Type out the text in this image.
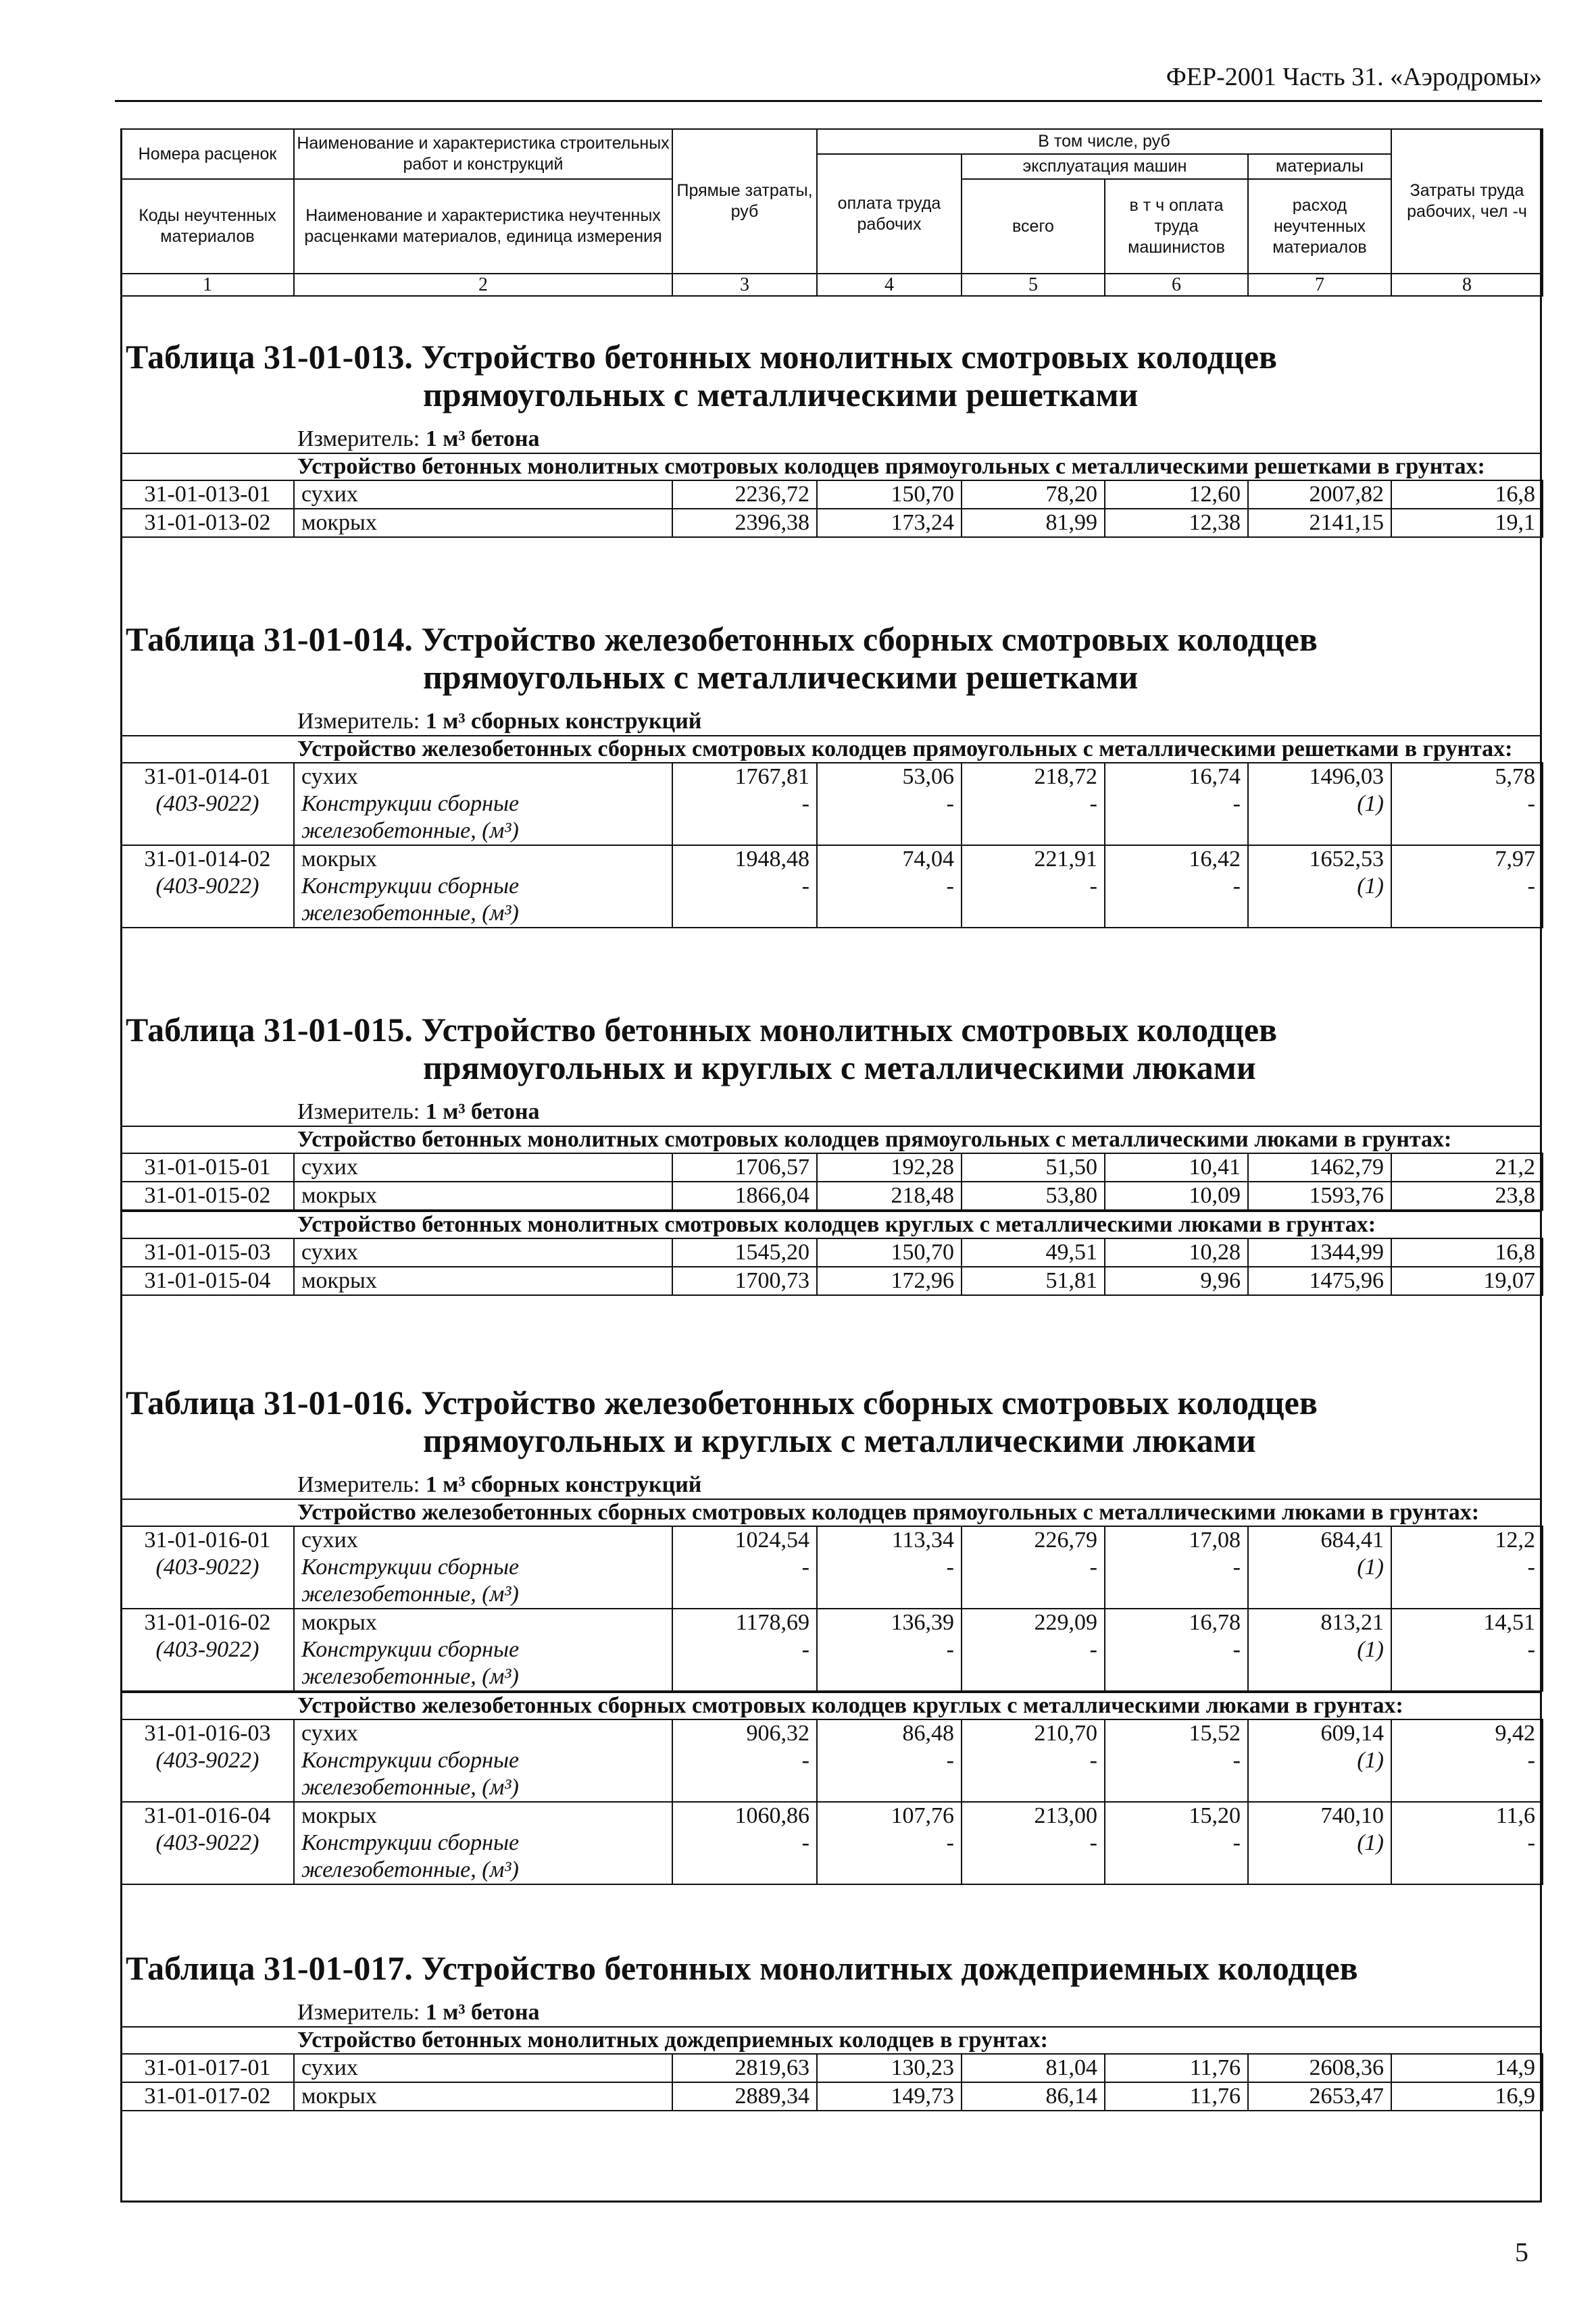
ФЕР-2001 Часть 31. «Аэродромы»
Номера расценок	Наименование и характеристика строительных работ и конструкций	Прямые затраты, руб	В том числе, руб				Затраты труда рабочих, чел -ч
			оплата труда рабочих	эксплуатация машин		материалы	
Коды неучтенных материалов	Наименование и характеристика неучтенных расценками материалов, единица измерения			всего	в т ч оплата труда машинистов	расход неучтенных материалов	

1	2	3	4	5	6	7	8
Таблица 31-01-013. Устройство бетонных монолитных смотровых колодцев
прямоугольных с металлическими решетками
Измеритель: 1 м³ бетона
Устройство бетонных монолитных смотровых колодцев прямоугольных с металлическими решетками в грунтах:
31-01-013-01	сухих	2236,72	150,70	78,20	12,60	2007,82	16,8
31-01-013-02	мокрых	2396,38	173,24	81,99	12,38	2141,15	19,1
Таблица 31-01-014. Устройство железобетонных сборных смотровых колодцев
прямоугольных с металлическими решетками
Измеритель: 1 м³ сборных конструкций
Устройство железобетонных сборных смотровых колодцев прямоугольных с металлическими решетками в грунтах:
31-01-014-01	сухих	1767,81	53,06	218,72	16,74	1496,03	5,78
(403-9022)	Конструкции сборные железобетонные, (м³)	-	-	-	-	(1)	-
31-01-014-02	мокрых	1948,48	74,04	221,91	16,42	1652,53	7,97
(403-9022)	Конструкции сборные железобетонные, (м³)	-	-	-	-	(1)	-
Таблица 31-01-015. Устройство бетонных монолитных смотровых колодцев
прямоугольных и круглых с металлическими люками
Измеритель: 1 м³ бетона
Устройство бетонных монолитных смотровых колодцев прямоугольных с металлическими люками в грунтах:
31-01-015-01	сухих	1706,57	192,28	51,50	10,41	1462,79	21,2
31-01-015-02	мокрых	1866,04	218,48	53,80	10,09	1593,76	23,8
Устройство бетонных монолитных смотровых колодцев круглых с металлическими люками в грунтах:
31-01-015-03	сухих	1545,20	150,70	49,51	10,28	1344,99	16,8
31-01-015-04	мокрых	1700,73	172,96	51,81	9,96	1475,96	19,07
Таблица 31-01-016. Устройство железобетонных сборных смотровых колодцев
прямоугольных и круглых с металлическими люками
Измеритель: 1 м³ сборных конструкций
Устройство железобетонных сборных смотровых колодцев прямоугольных с металлическими люками в грунтах:
31-01-016-01	сухих	1024,54	113,34	226,79	17,08	684,41	12,2
(403-9022)	Конструкции сборные железобетонные, (м³)	-	-	-	-	(1)	-
31-01-016-02	мокрых	1178,69	136,39	229,09	16,78	813,21	14,51
(403-9022)	Конструкции сборные железобетонные, (м³)	-	-	-	-	(1)	-
Устройство железобетонных сборных смотровых колодцев круглых с металлическими люками в грунтах:
31-01-016-03	сухих	906,32	86,48	210,70	15,52	609,14	9,42
(403-9022)	Конструкции сборные железобетонные, (м³)	-	-	-	-	(1)	-
31-01-016-04	мокрых	1060,86	107,76	213,00	15,20	740,10	11,6
(403-9022)	Конструкции сборные железобетонные, (м³)	-	-	-	-	(1)	-
Таблица 31-01-017. Устройство бетонных монолитных дождеприемных колодцев
Измеритель: 1 м³ бетона
Устройство бетонных монолитных дождеприемных колодцев в грунтах:
31-01-017-01	сухих	2819,63	130,23	81,04	11,76	2608,36	14,9
31-01-017-02	мокрых	2889,34	149,73	86,14	11,76	2653,47	16,9
5
